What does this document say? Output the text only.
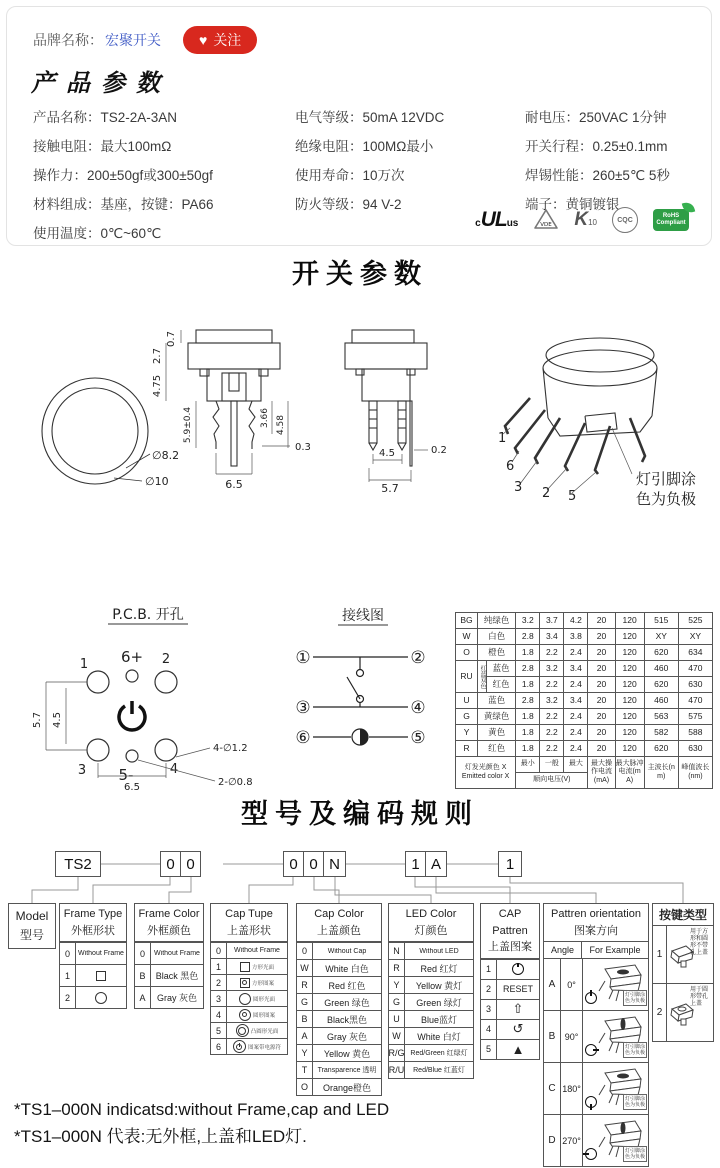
品牌名称： 宏聚开关	♥ 关注
产品参数
产品名称：TS2-2A-3AN
接触电阻：最大100mΩ
操作力：200±50gf或300±50gf
材料组成：基座，按键：PA66
使用温度：0℃~60℃
电气等级：50mA 12VDC
绝缘电阻：100MΩ最小
使用寿命：10万次
防火等级：94 V-2
耐电压：250VAC 1分钟
开关行程：0.25±0.1mm
焊锡性能：260±5℃ 5秒
端子：黄铜镀银
c UL us	VDE K 10	CQC
RoHS
Compliant
开关参数
∅8.2
∅10
0.7
2.7
4.75
5.9±0.4	3.66 4.58
0.3
6.5
4.5	0.2
5.7
1
6
3 2 5
灯引脚涂
色为负极
P.C.B. 开孔
1 6+ 2
3 5-	4
5.7 4.5
6.5
4-∅1.2
2-∅0.8
接线图
①	②
③	④
⑥	⑤
BG	纯绿色		3.2	3.7	4.2	20	120	515	525
W	白色		2.8	3.4	3.8	20	120	XY	XY
O	橙色		1.8	2.2	2.4	20	120	620	634
RU	红蓝双色	蓝色	2.8	3.2	3.4	20	120	460	470
		红色	1.8	2.2	2.4	20	120	620	630
U	蓝色		2.8	3.2	3.4	20	120	460	470
G	黄绿色		1.8	2.2	2.4	20	120	563	575
Y	黄色		1.8	2.2	2.4	20	120	582	588
R	红色		1.8	2.2	2.4	20	120	620	630
灯发光颜色 X
Emitted color X			最小	一般	最大	最大操作电流(mA)	最大脉冲电流(mA)	主波长(nm)	峰值波长(nm)
			顺向电压(V)						
型号及编码规则
TS2	0 0	0 0 N	1 A	1
Model
型号
Frame Type
外框形状
0	Without Frame
1
2
Frame Color
外框颜色
0	Without Frame
B	Black 黑色
A	Gray 灰色
Cap Tupe
上盖形状
0	Without Frame
1	方形光面
2	方形图案
3	圆形光面
4	圆形图案
5	凸圆形光面
6	图案带电源符
Cap Color
上盖颜色
0	Without Cap
W	White 白色
R	Red 红色
G	Green 绿色
B	Black黑色
A	Gray 灰色
Y	Yellow 黄色
T	Transparence 透明
O	Orange橙色
LED Color
灯颜色
N	Without LED
R	Red 红灯
Y	Yellow 黄灯
G	Green 绿灯
U	Blue蓝灯
W	White 白灯
R/G Red/Green 红绿灯
R/U Red/Blue 红蓝灯
CAP Pattren
上盖图案
1
2	RESET
3	⇧
4	↺
5	▲
Pattren orientation
图案方向
Angle	For Example
A	0°
灯引脚涂
色为负极
B	90°
灯引脚涂
色为负极
C 180°
灯引脚涂
色为负极
D 270°
灯引脚涂
色为负极
按键类型
1
用于方形和圆形不带孔上盖
2
用于圆形带孔上盖
*TS1–000N indicatsd:without Frame,cap and LED
*TS1–000N 代表:无外框,上盖和LED灯.
